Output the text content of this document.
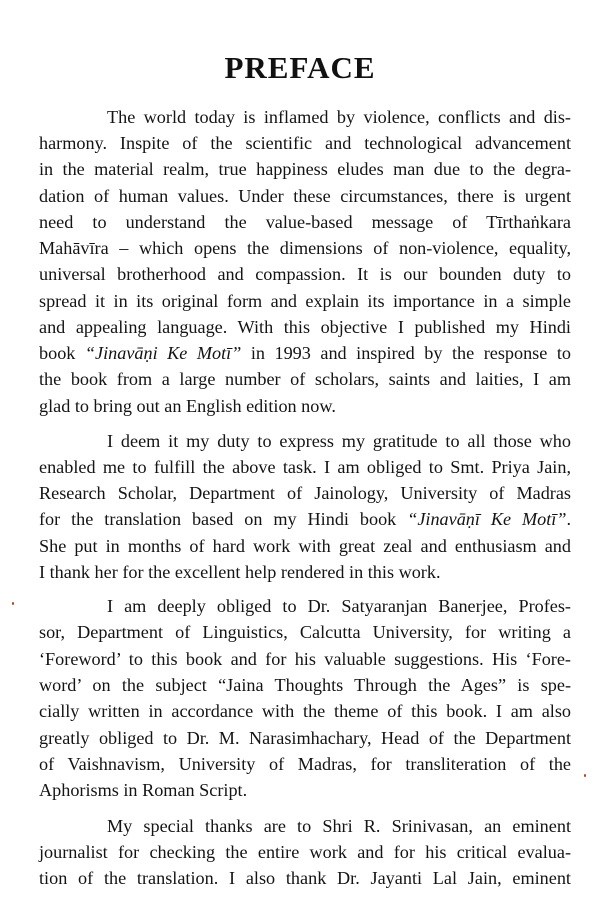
PREFACE
The world today is inflamed by violence, conflicts and dis-
harmony. Inspite of the scientific and technological advancement
in the material realm, true happiness eludes man due to the degra-
dation of human values. Under these circumstances, there is urgent
need to understand the value-based message of Tīrthaṅkara
Mahāvīra – which opens the dimensions of non-violence, equality,
universal brotherhood and compassion. It is our bounden duty to
spread it in its original form and explain its importance in a simple
and appealing language. With this objective I published my Hindi
book “Jinavāṇi Ke Motī” in 1993 and inspired by the response to
the book from a large number of scholars, saints and laities, I am
glad to bring out an English edition now.
I deem it my duty to express my gratitude to all those who
enabled me to fulfill the above task. I am obliged to Smt. Priya Jain,
Research Scholar, Department of Jainology, University of Madras
for the translation based on my Hindi book “Jinavāṇī Ke Motī”.
She put in months of hard work with great zeal and enthusiasm and
I thank her for the excellent help rendered in this work.
I am deeply obliged to Dr. Satyaranjan Banerjee, Profes-
sor, Department of Linguistics, Calcutta University, for writing a
‘Foreword’ to this book and for his valuable suggestions. His ‘Fore-
word’ on the subject “Jaina Thoughts Through the Ages” is spe-
cially written in accordance with the theme of this book. I am also
greatly obliged to Dr. M. Narasimhachary, Head of the Department
of Vaishnavism, University of Madras, for transliteration of the
Aphorisms in Roman Script.
My special thanks are to Shri R. Srinivasan, an eminent
journalist for checking the entire work and for his critical evalua-
tion of the translation. I also thank Dr. Jayanti Lal Jain, eminent
